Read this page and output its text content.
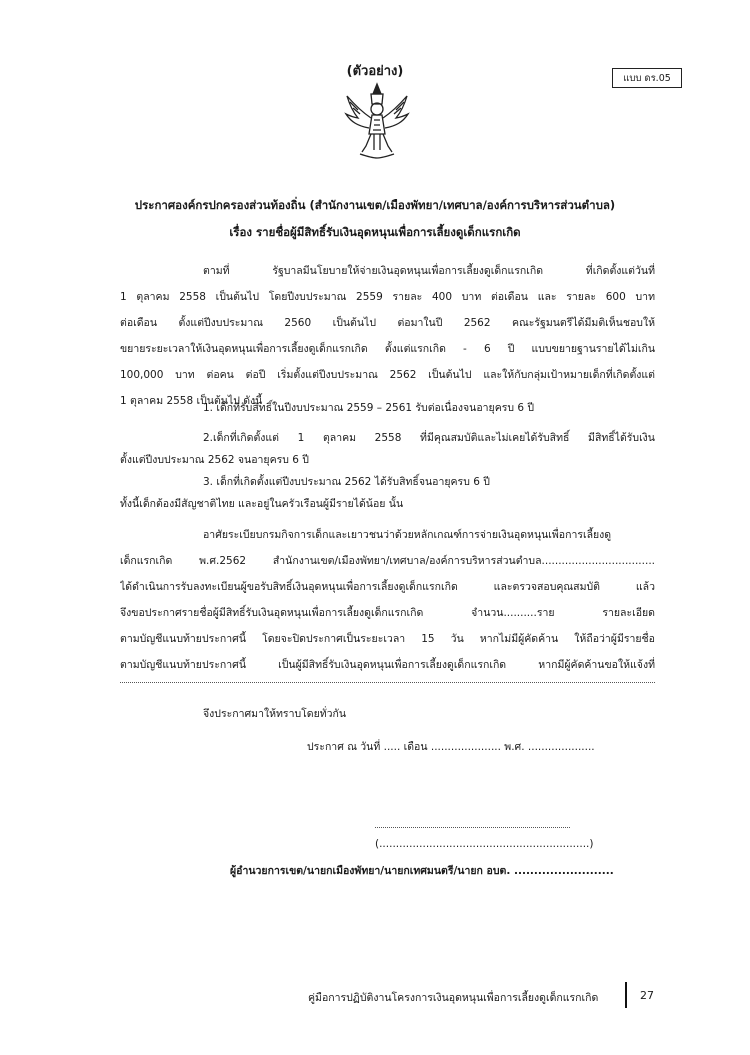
(ตัวอย่าง)	แบบ ดร.05
ประกาศองค์กรปกครองส่วนท้องถิ่น (สำนักงานเขต/เมืองพัทยา/เทศบาล/องค์การบริหารส่วนตำบล)
เรื่อง รายชื่อผู้มีสิทธิ์รับเงินอุดหนุนเพื่อการเลี้ยงดูเด็กแรกเกิด
ตามที่ รัฐบาลมีนโยบายให้จ่ายเงินอุดหนุนเพื่อการเลี้ยงดูเด็กแรกเกิด ที่เกิดตั้งแต่วันที่
1 ตุลาคม 2558 เป็นต้นไป โดยปีงบประมาณ 2559 รายละ 400 บาท ต่อเดือน และ รายละ 600 บาท
ต่อเดือน ตั้งแต่ปีงบประมาณ 2560 เป็นต้นไป ต่อมาในปี 2562 คณะรัฐมนตรีได้มีมติเห็นชอบให้
ขยายระยะเวลาให้เงินอุดหนุนเพื่อการเลี้ยงดูเด็กแรกเกิด ตั้งแต่แรกเกิด - 6 ปี แบบขยายฐานรายได้ไม่เกิน
100,000 บาท ต่อคน ต่อปี เริ่มตั้งแต่ปีงบประมาณ 2562 เป็นต้นไป และให้กับกลุ่มเป้าหมายเด็กที่เกิดตั้งแต่
1 ตุลาคม 2558 เป็นต้นไป ดังนี้
1. เด็กที่รับสิทธิ์ในปีงบประมาณ 2559 – 2561 รับต่อเนื่องจนอายุครบ 6 ปี
2.เด็กที่เกิดตั้งแต่ 1 ตุลาคม 2558 ที่มีคุณสมบัติและไม่เคยได้รับสิทธิ์ มีสิทธิ์ได้รับเงิน
ตั้งแต่ปีงบประมาณ 2562 จนอายุครบ 6 ปี
3. เด็กที่เกิดตั้งแต่ปีงบประมาณ 2562 ได้รับสิทธิ์จนอายุครบ 6 ปี
ทั้งนี้เด็กต้องมีสัญชาติไทย และอยู่ในครัวเรือนผู้มีรายได้น้อย นั้น
อาศัยระเบียบกรมกิจการเด็กและเยาวชนว่าด้วยหลักเกณฑ์การจ่ายเงินอุดหนุนเพื่อการเลี้ยงดู
เด็กแรกเกิด พ.ศ.2562 สำนักงานเขต/เมืองพัทยา/เทศบาล/องค์การบริหารส่วนตำบล..................................
ได้ดำเนินการรับลงทะเบียนผู้ขอรับสิทธิ์เงินอุดหนุนเพื่อการเลี้ยงดูเด็กแรกเกิด และตรวจสอบคุณสมบัติ แล้ว
จึงขอประกาศรายชื่อผู้มีสิทธิ์รับเงินอุดหนุนเพื่อการเลี้ยงดูเด็กแรกเกิด จำนวน..........ราย รายละเอียด
ตามบัญชีแนบท้ายประกาศนี้ โดยจะปิดประกาศเป็นระยะเวลา 15 วัน หากไม่มีผู้คัดค้าน ให้ถือว่าผู้มีรายชื่อ
ตามบัญชีแนบท้ายประกาศนี้ เป็นผู้มีสิทธิ์รับเงินอุดหนุนเพื่อการเลี้ยงดูเด็กแรกเกิด หากมีผู้คัดค้านขอให้แจ้งที่
จึงประกาศมาให้ทราบโดยทั่วกัน
ประกาศ ณ วันที่ ..... เดือน ..................... พ.ศ. ....................
(...............................................................)
ผู้อำนวยการเขต/นายกเมืองพัทยา/นายกเทศมนตรี/นายก อบต. .........................
คู่มือการปฏิบัติงานโครงการเงินอุดหนุนเพื่อการเลี้ยงดูเด็กแรกเกิด	27
